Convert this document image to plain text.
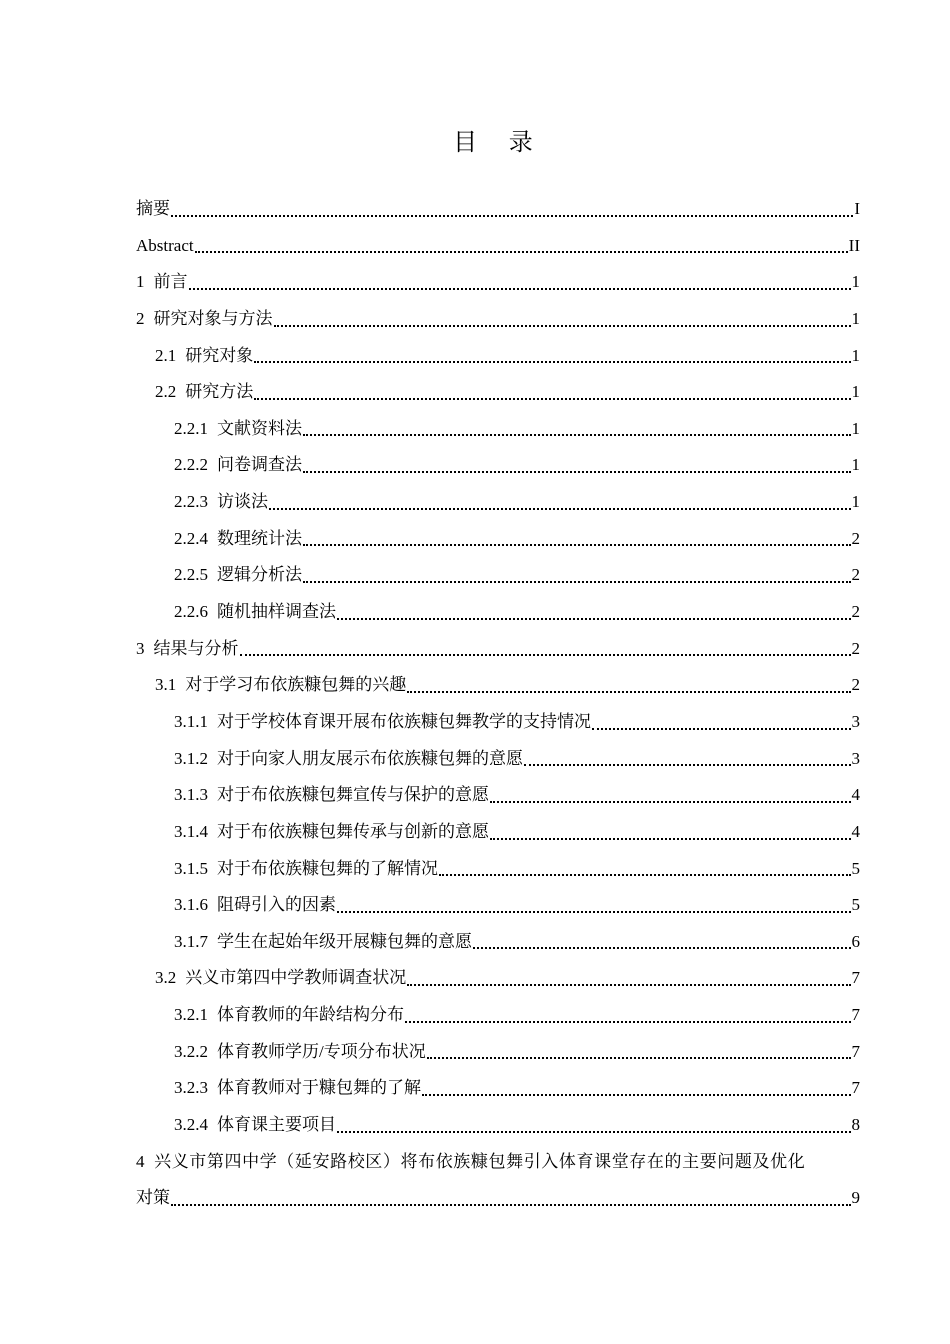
目 录
摘要	I
Abstract	II
1 前言	1
2 研究对象与方法	1
2.1 研究对象	1
2.2 研究方法	1
2.2.1 文献资料法	1
2.2.2 问卷调查法	1
2.2.3 访谈法	1
2.2.4 数理统计法	2
2.2.5 逻辑分析法	2
2.2.6 随机抽样调查法	2
3 结果与分析	2
3.1 对于学习布依族糠包舞的兴趣	2
3.1.1 对于学校体育课开展布依族糠包舞教学的支持情况	3
3.1.2 对于向家人朋友展示布依族糠包舞的意愿	3
3.1.3 对于布依族糠包舞宣传与保护的意愿	4
3.1.4 对于布依族糠包舞传承与创新的意愿	4
3.1.5 对于布依族糠包舞的了解情况	5
3.1.6 阻碍引入的因素	5
3.1.7 学生在起始年级开展糠包舞的意愿	6
3.2 兴义市第四中学教师调查状况	7
3.2.1 体育教师的年龄结构分布	7
3.2.2 体育教师学历/专项分布状况	7
3.2.3 体育教师对于糠包舞的了解	7
3.2.4 体育课主要项目	8
4 兴义市第四中学（延安路校区）将布依族糠包舞引入体育课堂存在的主要问题及优化
对策	9
